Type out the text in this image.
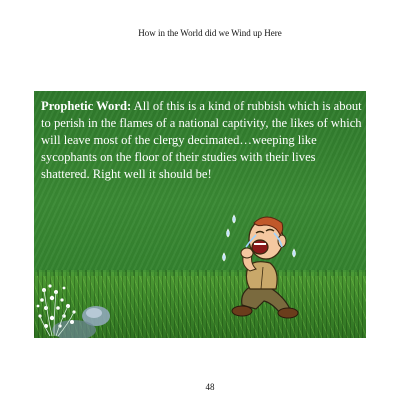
How in the World did we Wind up Here
Prophetic Word: All of this is a kind of rubbish which is about to perish in the flames of a national captivity, the likes of which will leave most of the clergy decimated…weeping like sycophants on the floor of their studies with their lives shattered. Right well it should be!
48
